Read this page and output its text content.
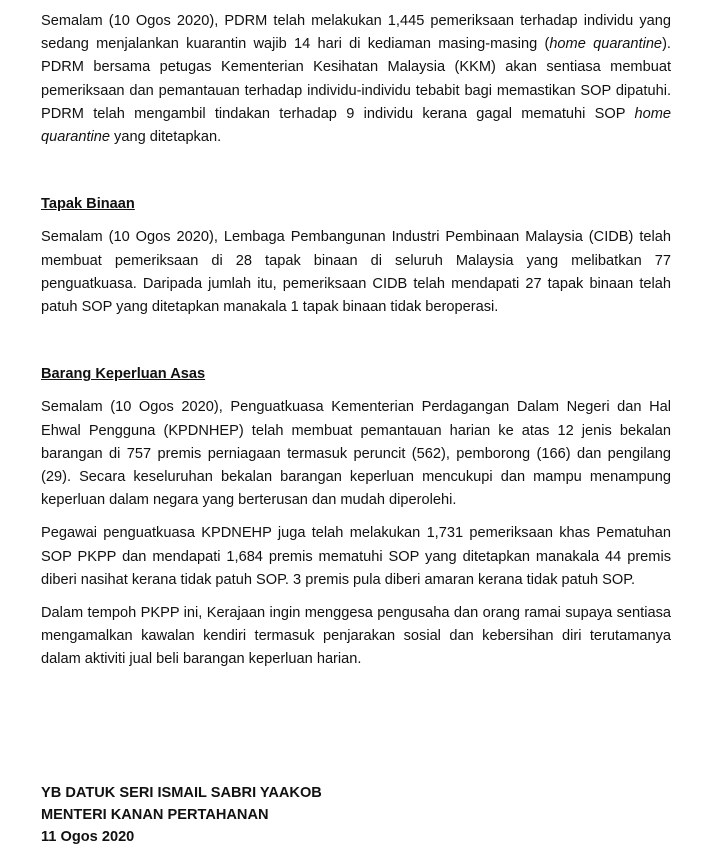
Semalam (10 Ogos 2020), PDRM telah melakukan 1,445 pemeriksaan terhadap individu yang sedang menjalankan kuarantin wajib 14 hari di kediaman masing-masing (home quarantine). PDRM bersama petugas Kementerian Kesihatan Malaysia (KKM) akan sentiasa membuat pemeriksaan dan pemantauan terhadap individu-individu tebabit bagi memastikan SOP dipatuhi. PDRM telah mengambil tindakan terhadap 9 individu kerana gagal mematuhi SOP home quarantine yang ditetapkan.

Tapak Binaan

Semalam (10 Ogos 2020), Lembaga Pembangunan Industri Pembinaan Malaysia (CIDB) telah membuat pemeriksaan di 28 tapak binaan di seluruh Malaysia yang melibatkan 77 penguatkuasa. Daripada jumlah itu, pemeriksaan CIDB telah mendapati 27 tapak binaan telah patuh SOP yang ditetapkan manakala 1 tapak binaan tidak beroperasi.

Barang Keperluan Asas

Semalam (10 Ogos 2020), Penguatkuasa Kementerian Perdagangan Dalam Negeri dan Hal Ehwal Pengguna (KPDNHEP) telah membuat pemantauan harian ke atas 12 jenis bekalan barangan di 757 premis perniagaan termasuk peruncit (562), pemborong (166) dan pengilang (29). Secara keseluruhan bekalan barangan keperluan mencukupi dan mampu menampung keperluan dalam negara yang berterusan dan mudah diperolehi.

Pegawai penguatkuasa KPDNEHP juga telah melakukan 1,731 pemeriksaan khas Pematuhan SOP PKPP dan mendapati 1,684 premis mematuhi SOP yang ditetapkan manakala 44 premis diberi nasihat kerana tidak patuh SOP. 3 premis pula diberi amaran kerana tidak patuh SOP.

Dalam tempoh PKPP ini, Kerajaan ingin menggesa pengusaha dan orang ramai supaya sentiasa mengamalkan kawalan kendiri termasuk penjarakan sosial dan kebersihan diri terutamanya dalam aktiviti jual beli barangan keperluan harian.

YB DATUK SERI ISMAIL SABRI YAAKOB
MENTERI KANAN PERTAHANAN
11 Ogos 2020
